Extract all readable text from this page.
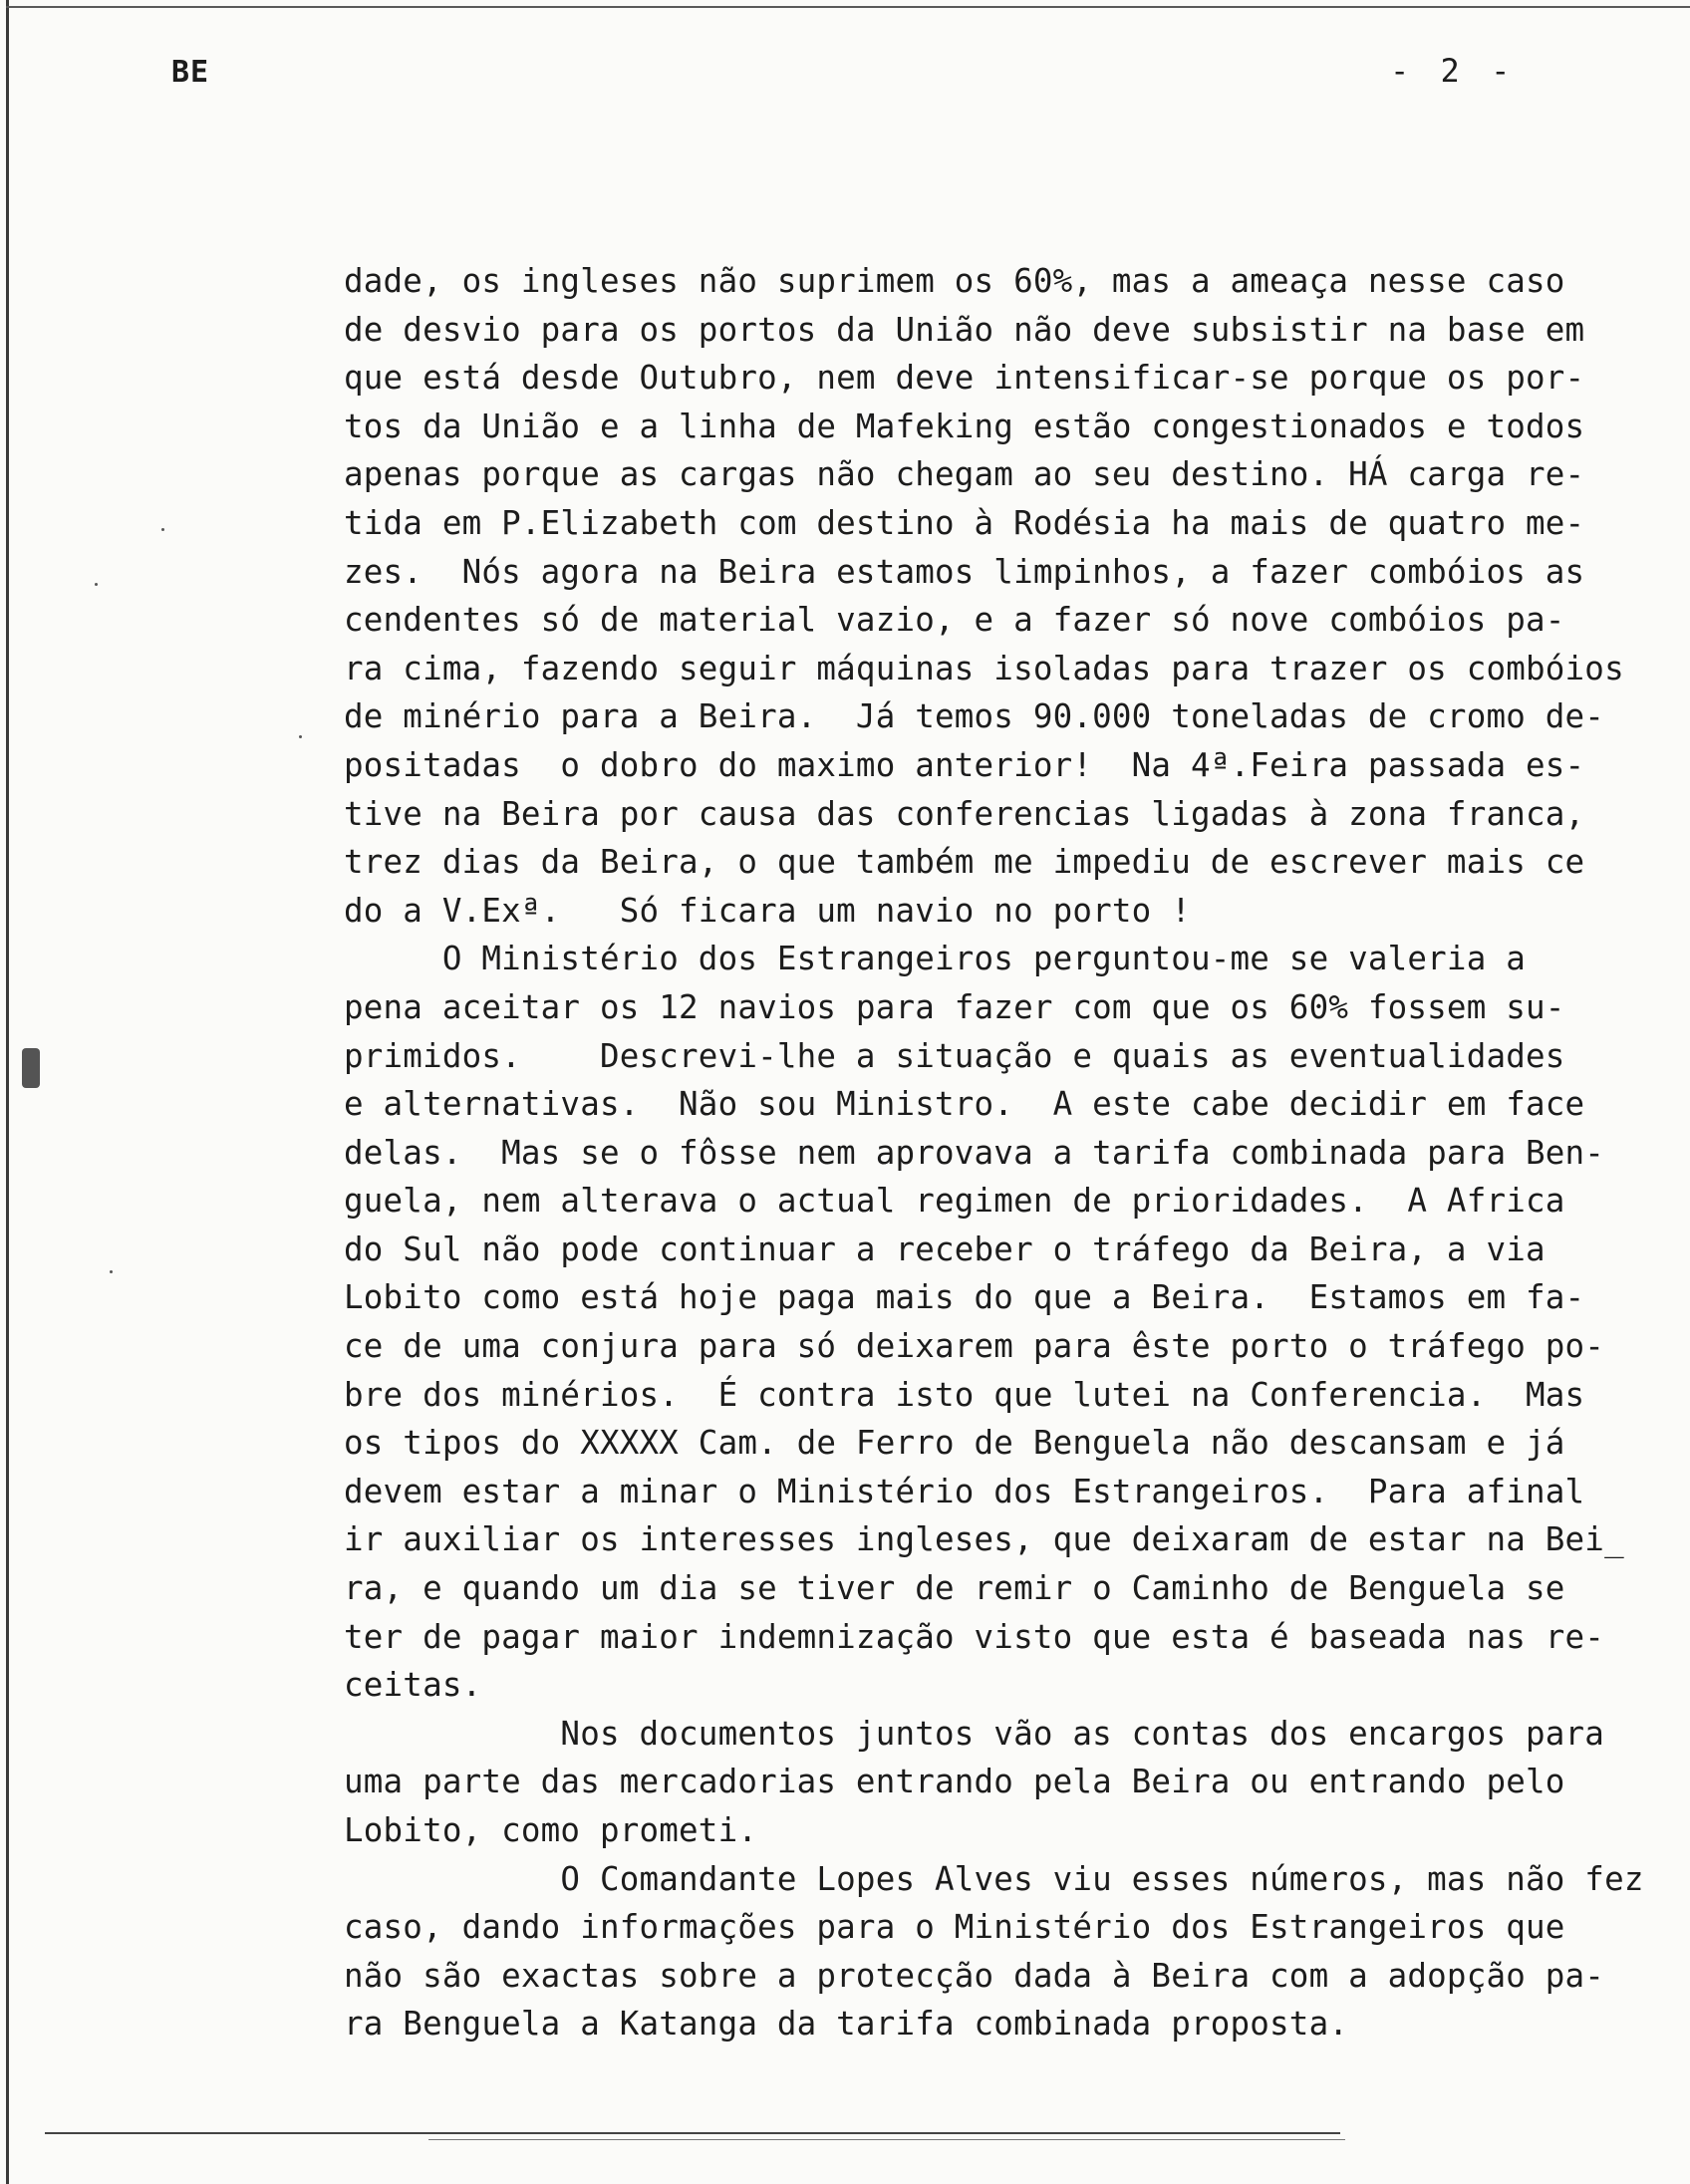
BE	- 2 -
dade, os ingleses não suprimem os 60%, mas a ameaça nesse caso
de desvio para os portos da União não deve subsistir na base em
que está desde Outubro, nem deve intensificar-se porque os por-
tos da União e a linha de Mafeking estão congestionados e todos
apenas porque as cargas não chegam ao seu destino. HÁ carga re-
tida em P.Elizabeth com destino à Rodésia ha mais de quatro me-
zes.  Nós agora na Beira estamos limpinhos, a fazer combóios as
cendentes só de material vazio, e a fazer só nove combóios pa-
ra cima, fazendo seguir máquinas isoladas para trazer os combóios
de minério para a Beira.  Já temos 90.000 toneladas de cromo de-
positadas  o dobro do maximo anterior!  Na 4ª.Feira passada es-
tive na Beira por causa das conferencias ligadas à zona franca,
trez dias da Beira, o que também me impediu de escrever mais ce
do a V.Exª.   Só ficara um navio no porto !
O Ministério dos Estrangeiros perguntou-me se valeria a
pena aceitar os 12 navios para fazer com que os 60% fossem su-
primidos.    Descrevi-lhe a situação e quais as eventualidades
e alternativas.  Não sou Ministro.  A este cabe decidir em face
delas.  Mas se o fôsse nem aprovava a tarifa combinada para Ben-
guela, nem alterava o actual regimen de prioridades.  A Africa
do Sul não pode continuar a receber o tráfego da Beira, a via
Lobito como está hoje paga mais do que a Beira.  Estamos em fa-
ce de uma conjura para só deixarem para êste porto o tráfego po-
bre dos minérios.  É contra isto que lutei na Conferencia.  Mas
os tipos do XXXXX Cam. de Ferro de Benguela não descansam e já
devem estar a minar o Ministério dos Estrangeiros.  Para afinal
ir auxiliar os interesses ingleses, que deixaram de estar na Bei_
ra, e quando um dia se tiver de remir o Caminho de Benguela se
ter de pagar maior indemnização visto que esta é baseada nas re-
ceitas.
Nos documentos juntos vão as contas dos encargos para
uma parte das mercadorias entrando pela Beira ou entrando pelo
Lobito, como prometi.
O Comandante Lopes Alves viu esses números, mas não fez
caso, dando informações para o Ministério dos Estrangeiros que
não são exactas sobre a protecção dada à Beira com a adopção pa-
ra Benguela a Katanga da tarifa combinada proposta.
